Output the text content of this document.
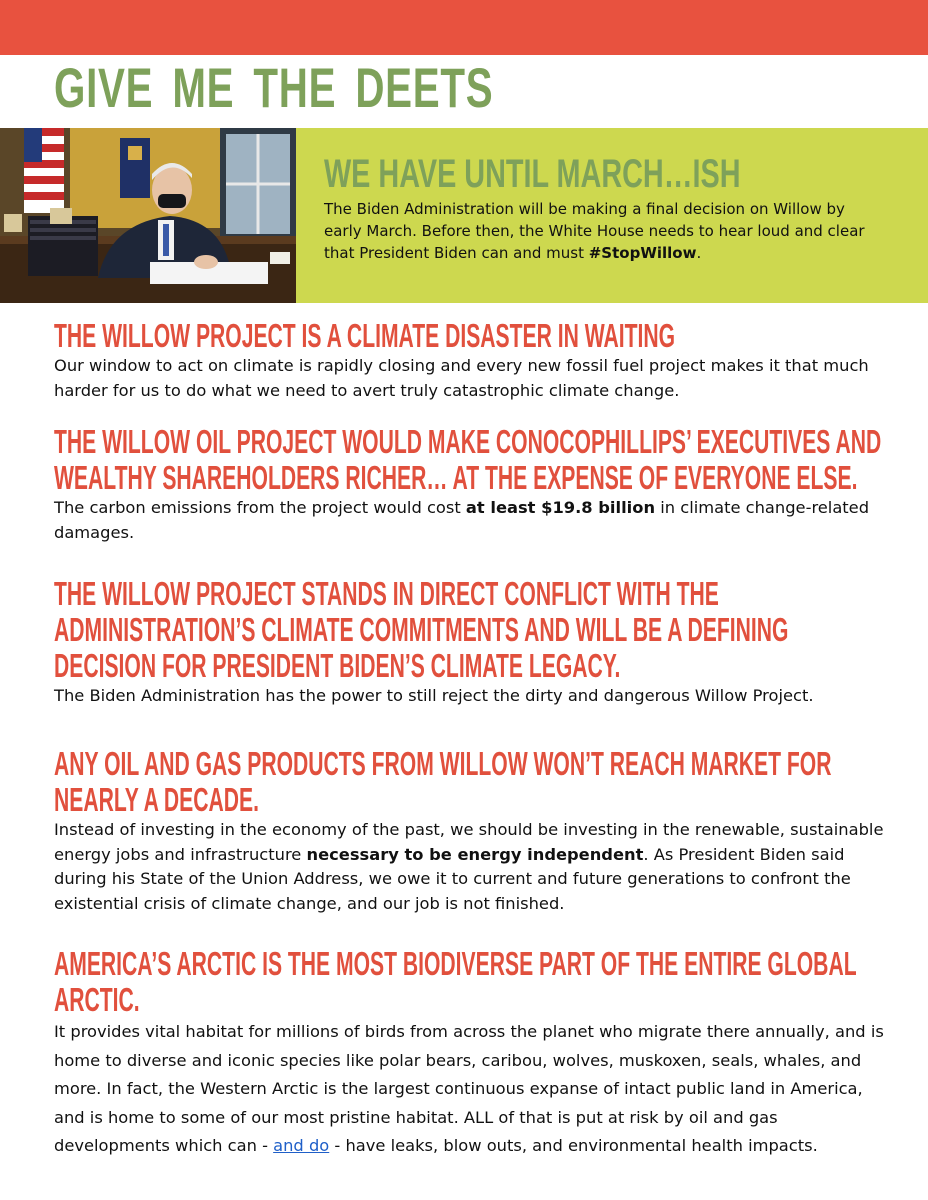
GIVE ME THE DEETS
WE HAVE UNTIL MARCH…ISH

The Biden Administration will be making a final decision on Willow by early March. Before then, the White House needs to hear loud and clear that President Biden can and must #StopWillow.

THE WILLOW PROJECT IS A CLIMATE DISASTER IN WAITING

Our window to act on climate is rapidly closing and every new fossil fuel project makes it that much harder for us to do what we need to avert truly catastrophic climate change.

THE WILLOW OIL PROJECT WOULD MAKE CONOCOPHILLIPS’ EXECUTIVES AND WEALTHY SHAREHOLDERS RICHER… AT THE EXPENSE OF EVERYONE ELSE.

The carbon emissions from the project would cost at least $19.8 billion in climate change-related damages.

THE WILLOW PROJECT STANDS IN DIRECT CONFLICT WITH THE ADMINISTRATION’S CLIMATE COMMITMENTS AND WILL BE A DEFINING DECISION FOR PRESIDENT BIDEN’S CLIMATE LEGACY.

The Biden Administration has the power to still reject the dirty and dangerous Willow Project.

ANY OIL AND GAS PRODUCTS FROM WILLOW WON’T REACH MARKET FOR NEARLY A DECADE.

Instead of investing in the economy of the past, we should be investing in the renewable, sustainable energy jobs and infrastructure necessary to be energy independent. As President Biden said during his State of the Union Address, we owe it to current and future generations to confront the existential crisis of climate change, and our job is not finished.

AMERICA’S ARCTIC IS THE MOST BIODIVERSE PART OF THE ENTIRE GLOBAL ARCTIC.

It provides vital habitat for millions of birds from across the planet who migrate there annually, and is home to diverse and iconic species like polar bears, caribou, wolves, muskoxen, seals, whales, and more. In fact, the Western Arctic is the largest continuous expanse of intact public land in America, and is home to some of our most pristine habitat. ALL of that is put at risk by oil and gas developments which can - and do - have leaks, blow outs, and environmental health impacts.
